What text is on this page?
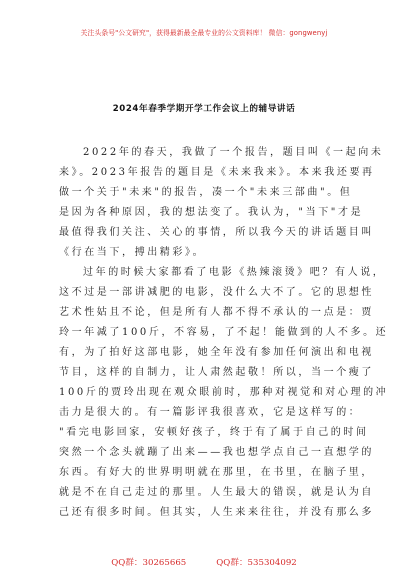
关注头条号"公文研究"，获得最新最全最专业的公文资料库！ 微信：gongwenyj
2024年春季学期开学工作会议上的辅导讲话
2022年的春天，我做了一个报告，题目叫《一起向未
来》。2023年报告的题目是《未来我来》。本来我还要再
做一个关于"未来"的报告，凑一个"未来三部曲"。但
是因为各种原因，我的想法变了。我认为，"当下"才是
最值得我们关注、关心的事情，所以我今天的讲话题目叫
《行在当下，搏出精彩》。
过年的时候大家都看了电影《热辣滚烫》吧？有人说，
这不过是一部讲减肥的电影，没什么大不了。它的思想性
艺术性姑且不论，但是所有人都不得不承认的一点是：贾
玲一年减了100斤，不容易，了不起！能做到的人不多。还
有，为了拍好这部电影，她全年没有参加任何演出和电视
节目，这样的自制力，让人肃然起敬！所以，当一个瘦了
100斤的贾玲出现在观众眼前时，那种对视觉和对心理的冲
击力是很大的。有一篇影评我很喜欢，它是这样写的：
"看完电影回家，安顿好孩子，终于有了属于自己的时间
突然一个念头就蹦了出来——我也想学点自己一直想学的
东西。有好大的世界明明就在那里，在书里，在脑子里，
就是不在自己走过的那里。人生最大的错误，就是认为自
己还有很多时间。但其实，人生来来往往，并没有那么多
QQ群：30265665	QQ群：535304092
